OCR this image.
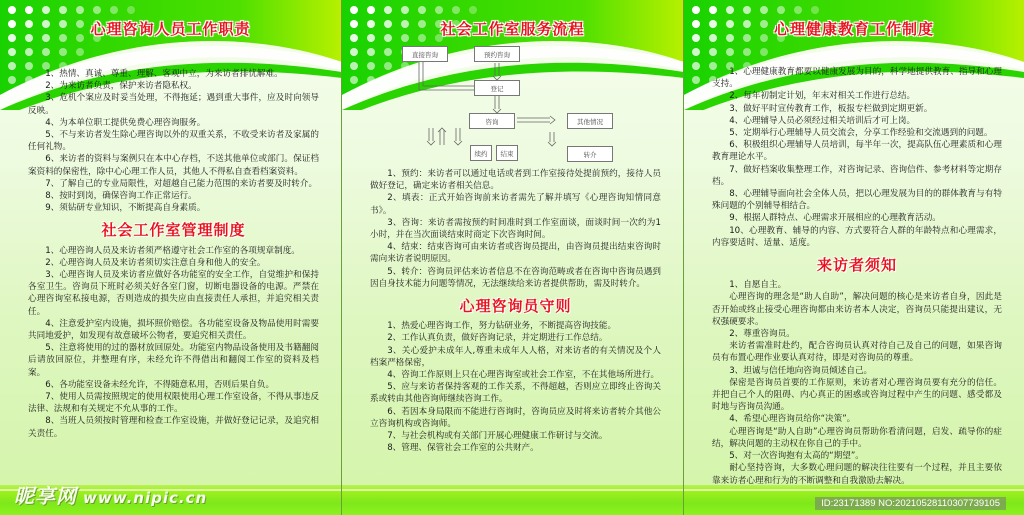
心理咨询人员工作职责

1、热情、真诚、尊重、理解、客观中立，为来访者排忧解难。

2、为来访者负责，保护来访者隐私权。

3、危机个案应及时妥当处理，不得拖延；遇到重大事件，应及时向领导反映。

4、为本单位职工提供免费心理咨询服务。

5、不与来访者发生除心理咨询以外的双重关系，不收受来访者及家属的任何礼物。

6、来访者的资料与案例只在本中心存档，不送其他单位或部门。保证档案资料的保密性，除中心心理工作人员，其他人不得私自查看档案资料。

7、了解自己的专业局限性，对超越自己能力范围的来访者要及时转介。

8、按时到岗，确保咨询工作正常运行。

9、须钻研专业知识，不断提高自身素质。

社会工作室管理制度

1、心理咨询人员及来访者须严格遵守社会工作室的各项规章制度。

2、心理咨询人员及来访者须切实注意自身和他人的安全。

3、心理咨询人员及来访者应做好各功能室的安全工作，自觉维护和保持各室卫生。咨询员下班时必须关好各室门窗，切断电器设备的电源。严禁在心理咨询室私接电源，否则造成的损失应由直接责任人承担，并追究相关责任。

4、注意爱护室内设施，损坏照价赔偿。各功能室设备及物品使用时需要共同地爱护，如发现有故意破坏公物者，要追究相关责任。

5、注意将使用的过的器材放回原处。功能室内物品设备使用及书籍翻阅后请放回原位，并整理有序，未经允许不得借出和翻阅工作室的资料及档案。

6、各功能室设备未经允许，不得随意私用，否则后果自负。

7、使用人员需按照规定的使用权限使用心理工作室设备，不得从事违反法律、法规和有关规定不允从事的工作。

8、当班人员须按时管理和检查工作室设施，并做好登记记录，及追究相关责任。

社会工作室服务流程
直接咨询	预约咨询
登记
咨询	其他情况
续约	结束	转介

1、预约：来访者可以通过电话或者到工作室接待处提前预约，接待人员做好登记，确定来访者相关信息。

2、填表：正式开始咨询前来访者需先了解并填写《心理咨询知情同意书》。

3、咨询：来访者需按预约时间准时到工作室面谈，面谈时间一次约为1小时，并在当次面谈结束时商定下次咨询时间。

4、结束：结束咨询可由来访者或咨询员提出，由咨询员提出结束咨询时需向来访者说明原因。

5、转介：咨询员评估来访者信息不在咨询范畴或者在咨询中咨询员遇到因自身技术能力问题等情况，无法继续给来访者提供帮助，需及时转介。

心理咨询员守则

1、热爱心理咨询工作，努力钻研业务，不断提高咨询技能。

2、工作认真负责，做好咨询记录，并定期进行工作总结。

3、关心爱护未成年人,尊重未成年人人格，对来访者的有关情况及个人档案严格保密，

4、咨询工作原则上只在心理咨询室或社会工作室，不在其他场所进行。

5、应与来访者保持客观的工作关系，不得超越，否则应立即终止咨询关系或转由其他咨询师继续咨询工作。

6、若因本身局限而不能进行咨询时，咨询员应及时将来访者转介其他公立咨询机构或咨询师。

7、与社会机构或有关部门开展心理健康工作研讨与交流。

8、管理、保管社会工作室的公共财产。

心理健康教育工作制度

1、心理健康教育都要以健康发展为目的，科学地提供教育、指导和心理支持。

2、每年初制定计划，年末对相关工作进行总结。

3、做好平时宣传教育工作，板报专栏做到定期更新。

4、心理辅导人员必须经过相关培训后才可上岗。

5、定期举行心理辅导人员交流会，分享工作经验和交流遇到的问题。

6、积极组织心理辅导人员培训，每半年一次，提高队伍心理素质和心理教育理论水平。

7、做好档案收集整理工作，对咨询记录、咨询信件、参考材料等定期存档。

8、心理辅导面向社会全体人员，把以心理发展为目的的群体教育与有特殊问题的个别辅导相结合。

9、根据人群特点、心理需求开展相应的心理教育活动。

10、心理教育、辅导的内容、方式要符合人群的年龄特点和心理需求，内容要适时、适量、适度。

来访者须知

1、自愿自主。

心理咨询的理念是“助人自助”，解决问题的核心是来访者自身，因此是否开始或终止接受心理咨询都由来访者本人决定，咨询员只能提出建议，无权强硬要求。

2、尊重咨询员。

来访者需准时赴约，配合咨询员认真对待自己及自己的问题，如果咨询员有布置心理作业要认真对待，即是对咨询员的尊重。

3、坦诚与信任地向咨询员倾述自己。

保密是咨询员首要的工作原则，来访者对心理咨询员要有充分的信任。并把自己个人的阻碍、内心真正的困惑或咨询过程中产生的问题、感受都及时地与咨询员沟通。

4、希望心理咨询员给你“决策”。

心理咨询是“助人自助”心理咨询员帮助你看清问题，启发、疏导你的症结，解决问题的主动权在你自己的手中。

5、对一次咨询抱有太高的“期望”。

耐心坚持咨询，大多数心理问题的解决往往要有一个过程，并且主要依靠来访者心理和行为的不断调整和自我激励去解决。

昵享网 www.nipic.cn	ID:23171389 NO:20210528110307739105
